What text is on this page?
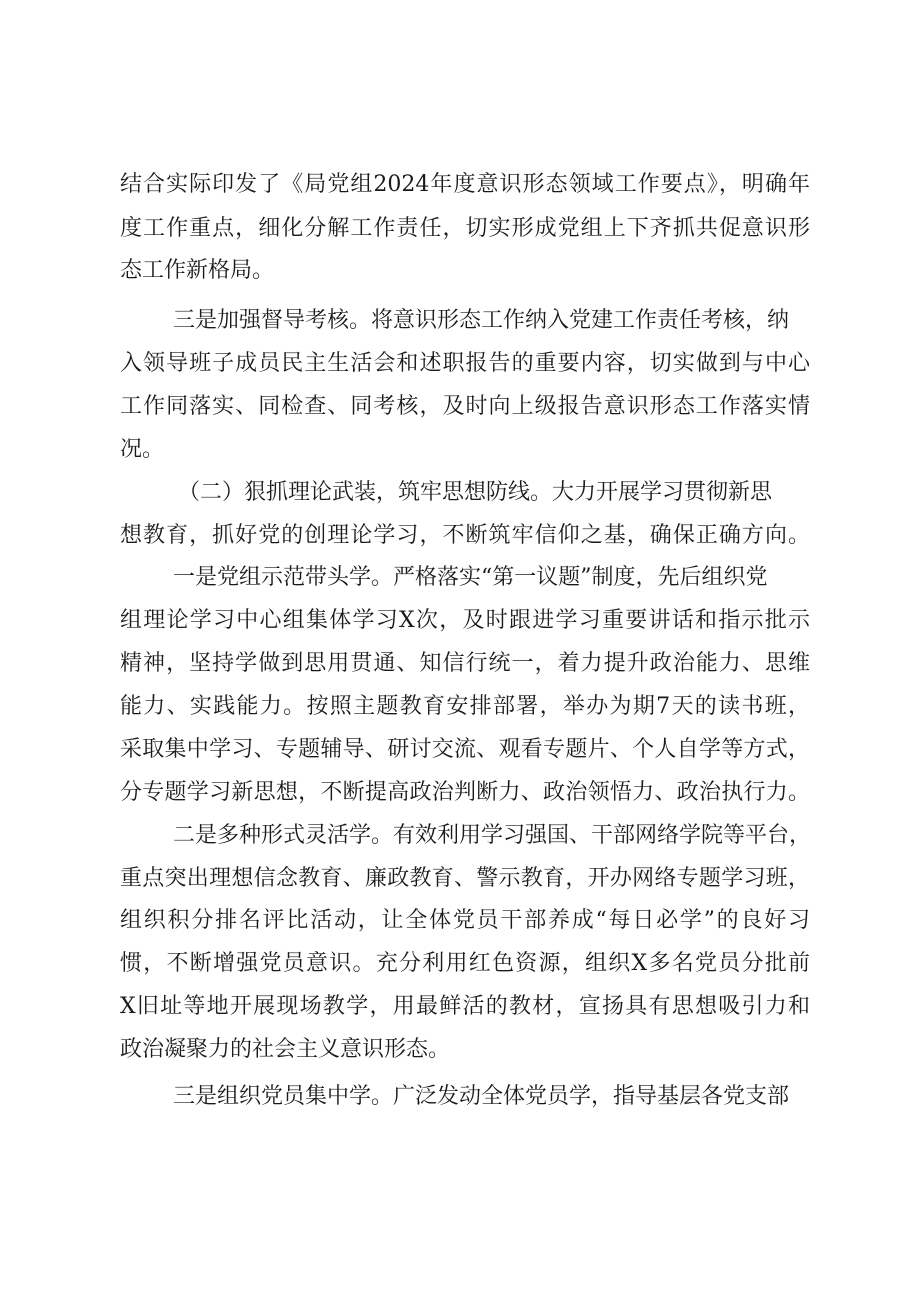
结合实际印发了《局党组2024年度意识形态领域工作要点》，明确年

度工作重点，细化分解工作责任，切实形成党组上下齐抓共促意识形

态工作新格局。

三是加强督导考核。将意识形态工作纳入党建工作责任考核，纳

入领导班子成员民主生活会和述职报告的重要内容，切实做到与中心

工作同落实、同检查、同考核，及时向上级报告意识形态工作落实情

况。

（二）狠抓理论武装，筑牢思想防线。大力开展学习贯彻新思

想教育，抓好党的创理论学习，不断筑牢信仰之基，确保正确方向。

一是党组示范带头学。严格落实“第一议题”制度，先后组织党

组理论学习中心组集体学习X次，及时跟进学习重要讲话和指示批示

精神，坚持学做到思用贯通、知信行统一，着力提升政治能力、思维

能力、实践能力。按照主题教育安排部署，举办为期7天的读书班，

采取集中学习、专题辅导、研讨交流、观看专题片、个人自学等方式，

分专题学习新思想，不断提高政治判断力、政治领悟力、政治执行力。

二是多种形式灵活学。有效利用学习强国、干部网络学院等平台，

重点突出理想信念教育、廉政教育、警示教育，开办网络专题学习班，

组织积分排名评比活动，让全体党员干部养成“每日必学”的良好习

惯，不断增强党员意识。充分利用红色资源，组织X多名党员分批前

X旧址等地开展现场教学，用最鲜活的教材，宣扬具有思想吸引力和

政治凝聚力的社会主义意识形态。

三是组织党员集中学。广泛发动全体党员学，指导基层各党支部
